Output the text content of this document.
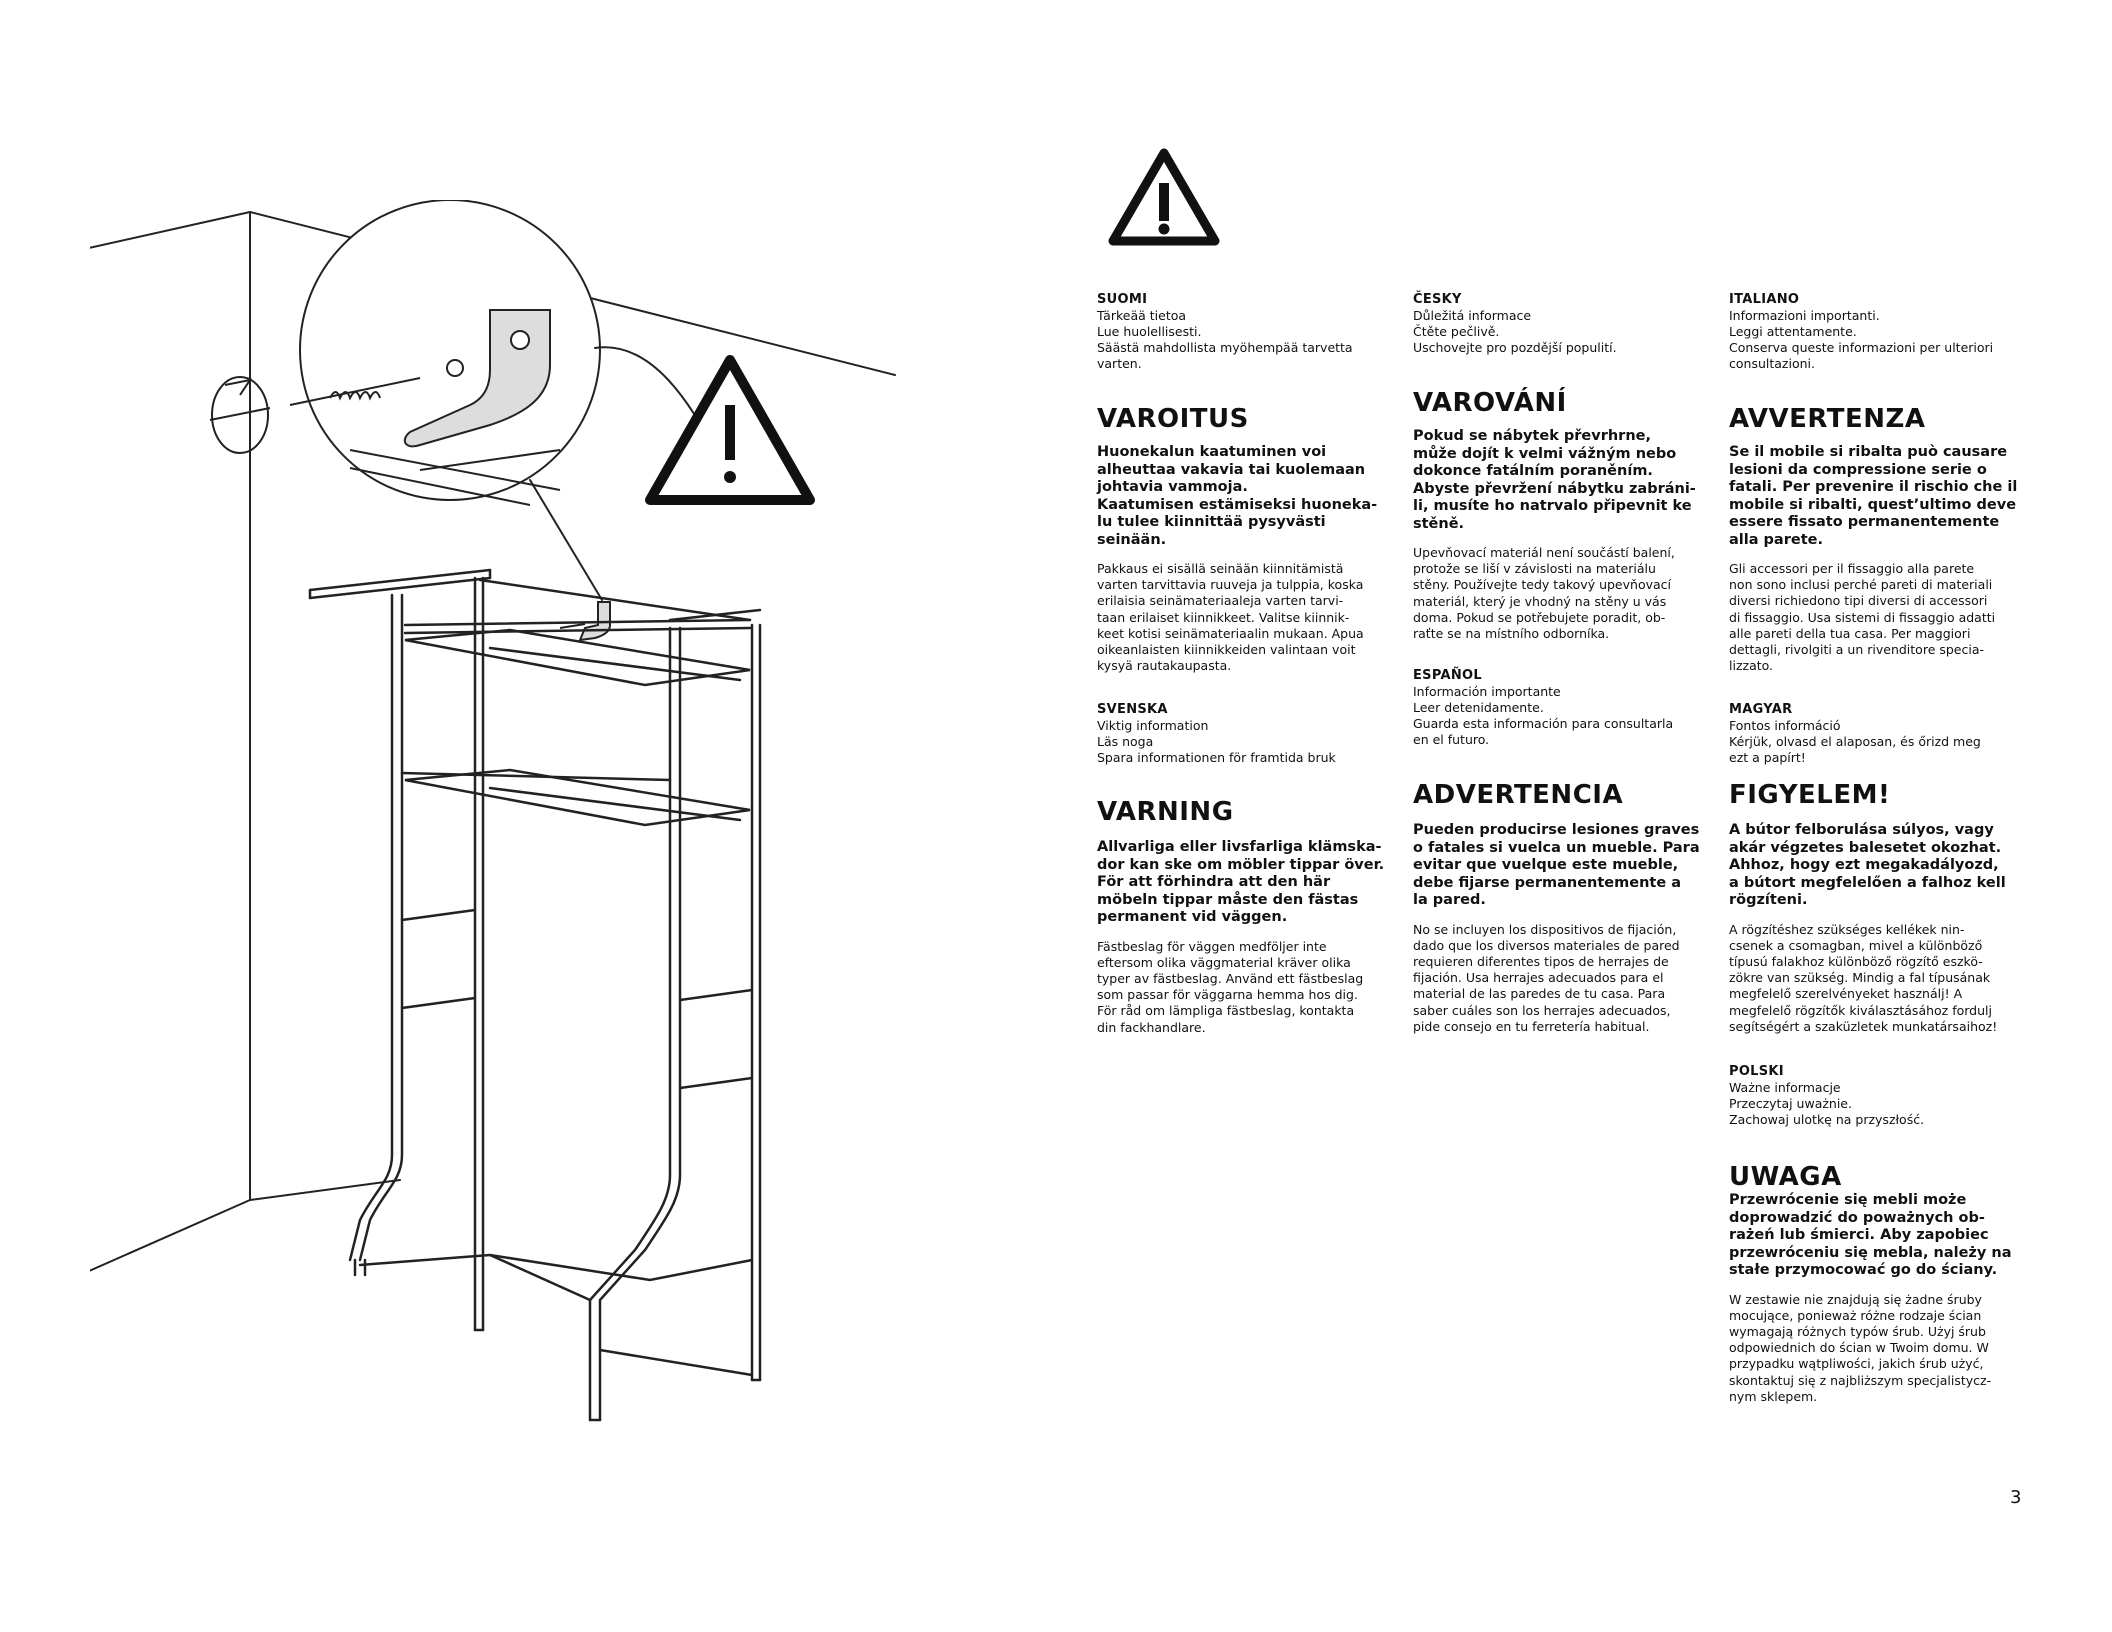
SUOMI
Tärkeää tietoa
Lue huolellisesti.
Säästä mahdollista myöhempää tarvetta
varten.
VAROITUS
Huonekalun kaatuminen voi
alheuttaa vakavia tai kuolemaan
johtavia vammoja.
Kaatumisen estämiseksi huoneka-
lu tulee kiinnittää pysyvästi
seinään.
Pakkaus ei sisällä seinään kiinnitämistä
varten tarvittavia ruuveja ja tulppia, koska
erilaisia seinämateriaaleja varten tarvi-
taan erilaiset kiinnikkeet. Valitse kiinnik-
keet kotisi seinämateriaalin mukaan. Apua
oikeanlaisten kiinnikkeiden valintaan voit
kysyä rautakaupasta.
SVENSKA
Viktig information
Läs noga
Spara informationen för framtida bruk
VARNING
Allvarliga eller livsfarliga klämska-
dor kan ske om möbler tippar över.
För att förhindra att den här
möbeln tippar måste den fästas
permanent vid väggen.
Fästbeslag för väggen medföljer inte
eftersom olika väggmaterial kräver olika
typer av fästbeslag. Använd ett fästbeslag
som passar för väggarna hemma hos dig.
För råd om lämpliga fästbeslag, kontakta
din fackhandlare.
ČESKY
Důležitá informace
Čtěte pečlivě.
Uschovejte pro pozdější populití.
VAROVÁNÍ
Pokud se nábytek převrhrne,
může dojít k velmi vážným nebo
dokonce fatálním poraněním.
Abyste převržení nábytku zabráni-
li, musíte ho natrvalo připevnit ke
stěně.
Upevňovací materiál není součástí balení,
protože se liší v závislosti na materiálu
stěny. Používejte tedy takový upevňovací
materiál, který je vhodný na stěny u vás
doma. Pokud se potřebujete poradit, ob-
raťte se na místního odborníka.
ESPAÑOL
Información importante
Leer detenidamente.
Guarda esta información para consultarla
en el futuro.
ADVERTENCIA
Pueden producirse lesiones graves
o fatales si vuelca un mueble. Para
evitar que vuelque este mueble,
debe fijarse permanentemente a
la pared.
No se incluyen los dispositivos de fijación,
dado que los diversos materiales de pared
requieren diferentes tipos de herrajes de
fijación. Usa herrajes adecuados para el
material de las paredes de tu casa. Para
saber cuáles son los herrajes adecuados,
pide consejo en tu ferretería habitual.
ITALIANO
Informazioni importanti.
Leggi attentamente.
Conserva queste informazioni per ulteriori
consultazioni.
AVVERTENZA
Se il mobile si ribalta può causare
lesioni da compressione serie o
fatali. Per prevenire il rischio che il
mobile si ribalti, quest’ultimo deve
essere fissato permanentemente
alla parete.
Gli accessori per il fissaggio alla parete
non sono inclusi perché pareti di materiali
diversi richiedono tipi diversi di accessori
di fissaggio. Usa sistemi di fissaggio adatti
alle pareti della tua casa. Per maggiori
dettagli, rivolgiti a un rivenditore specia-
lizzato.
MAGYAR
Fontos információ
Kérjük, olvasd el alaposan, és őrizd meg
ezt a papírt!
FIGYELEM!
A bútor felborulása súlyos, vagy
akár végzetes balesetet okozhat.
Ahhoz, hogy ezt megakadályozd,
a bútort megfelelően a falhoz kell
rögzíteni.
A rögzítéshez szükséges kellékek nin-
csenek a csomagban, mivel a különböző
típusú falakhoz különböző rögzítő eszkö-
zökre van szükség. Mindig a fal típusának
megfelelő szerelvényeket használj! A
megfelelő rögzítők kiválasztásához fordulj
segítségért a szaküzletek munkatársaihoz!
POLSKI
Ważne informacje
Przeczytaj uważnie.
Zachowaj ulotkę na przyszłość.
UWAGA
Przewrócenie się mebli może
doprowadzić do poważnych ob-
rażeń lub śmierci. Aby zapobiec
przewróceniu się mebla, należy na
stałe przymocować go do ściany.
W zestawie nie znajdują się żadne śruby
mocujące, ponieważ różne rodzaje ścian
wymagają różnych typów śrub. Użyj śrub
odpowiednich do ścian w Twoim domu. W
przypadku wątpliwości, jakich śrub użyć,
skontaktuj się z najbliższym specjalistycz-
nym sklepem.
3
